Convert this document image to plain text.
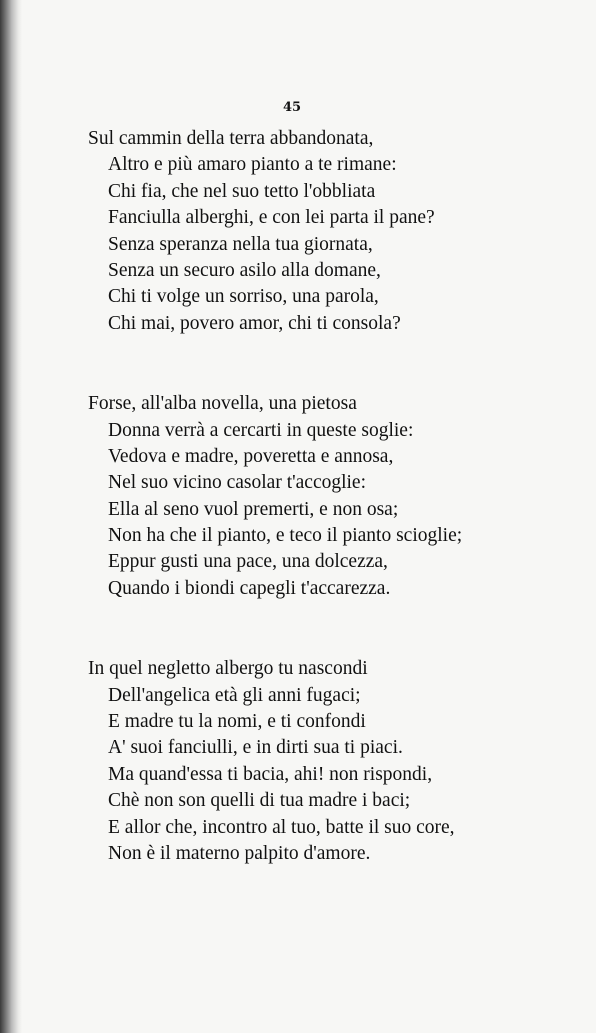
45
Sul cammin della terra abbandonata,
Altro e più amaro pianto a te rimane:
Chi fia, che nel suo tetto l'obbliata
Fanciulla alberghi, e con lei parta il pane?
Senza speranza nella tua giornata,
Senza un securo asilo alla domane,
Chi ti volge un sorriso, una parola,
Chi mai, povero amor, chi ti consola?
Forse, all'alba novella, una pietosa
Donna verrà a cercarti in queste soglie:
Vedova e madre, poveretta e annosa,
Nel suo vicino casolar t'accoglie:
Ella al seno vuol premerti, e non osa;
Non ha che il pianto, e teco il pianto scioglie;
Eppur gusti una pace, una dolcezza,
Quando i biondi capegli t'accarezza.
In quel negletto albergo tu nascondi
Dell'angelica età gli anni fugaci;
E madre tu la nomi, e ti confondi
A' suoi fanciulli, e in dirti sua ti piaci.
Ma quand'essa ti bacia, ahi! non rispondi,
Chè non son quelli di tua madre i baci;
E allor che, incontro al tuo, batte il suo core,
Non è il materno palpito d'amore.
